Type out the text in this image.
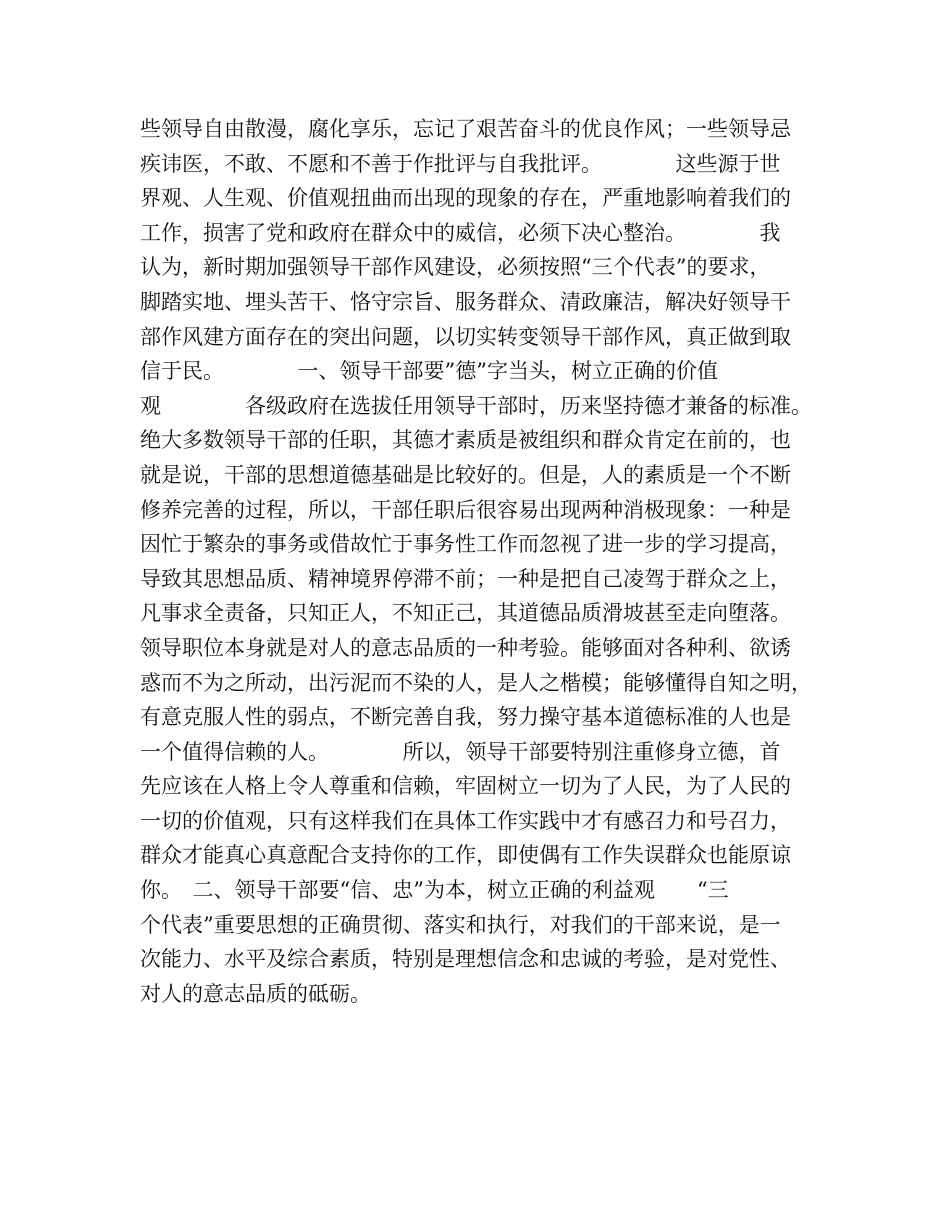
些领导自由散漫，腐化享乐，忘记了艰苦奋斗的优良作风；一些领导忌
疾讳医，不敢、不愿和不善于作批评与自我批评。　　　　这些源于世
界观、人生观、价值观扭曲而出现的现象的存在，严重地影响着我们的
工作，损害了党和政府在群众中的威信，必须下决心整治。　　　　我
认为，新时期加强领导干部作风建设，必须按照“三个代表”的要求，
脚踏实地、埋头苦干、恪守宗旨、服务群众、清政廉洁，解决好领导干
部作风建方面存在的突出问题，以切实转变领导干部作风，真正做到取
信于民。　　　　一、领导干部要”德”字当头，树立正确的价值
观　　　　各级政府在选拔任用领导干部时，历来坚持德才兼备的标准。
绝大多数领导干部的任职，其德才素质是被组织和群众肯定在前的，也
就是说，干部的思想道德基础是比较好的。但是，人的素质是一个不断
修养完善的过程，所以，干部任职后很容易出现两种消极现象：一种是
因忙于繁杂的事务或借故忙于事务性工作而忽视了进一步的学习提高，
导致其思想品质、精神境界停滞不前；一种是把自己凌驾于群众之上，
凡事求全责备，只知正人，不知正己，其道德品质滑坡甚至走向堕落。
领导职位本身就是对人的意志品质的一种考验。能够面对各种利、欲诱
惑而不为之所动，出污泥而不染的人，是人之楷模；能够懂得自知之明，
有意克服人性的弱点，不断完善自我，努力操守基本道德标准的人也是
一个值得信赖的人。　　　　所以，领导干部要特别注重修身立德，首
先应该在人格上令人尊重和信赖，牢固树立一切为了人民，为了人民的
一切的价值观，只有这样我们在具体工作实践中才有感召力和号召力，
群众才能真心真意配合支持你的工作，即使偶有工作失误群众也能原谅
你。　二、领导干部要“信、忠”为本，树立正确的利益观　　“三
个代表”重要思想的正确贯彻、落实和执行，对我们的干部来说，是一
次能力、水平及综合素质，特别是理想信念和忠诚的考验，是对党性、
对人的意志品质的砥砺。
